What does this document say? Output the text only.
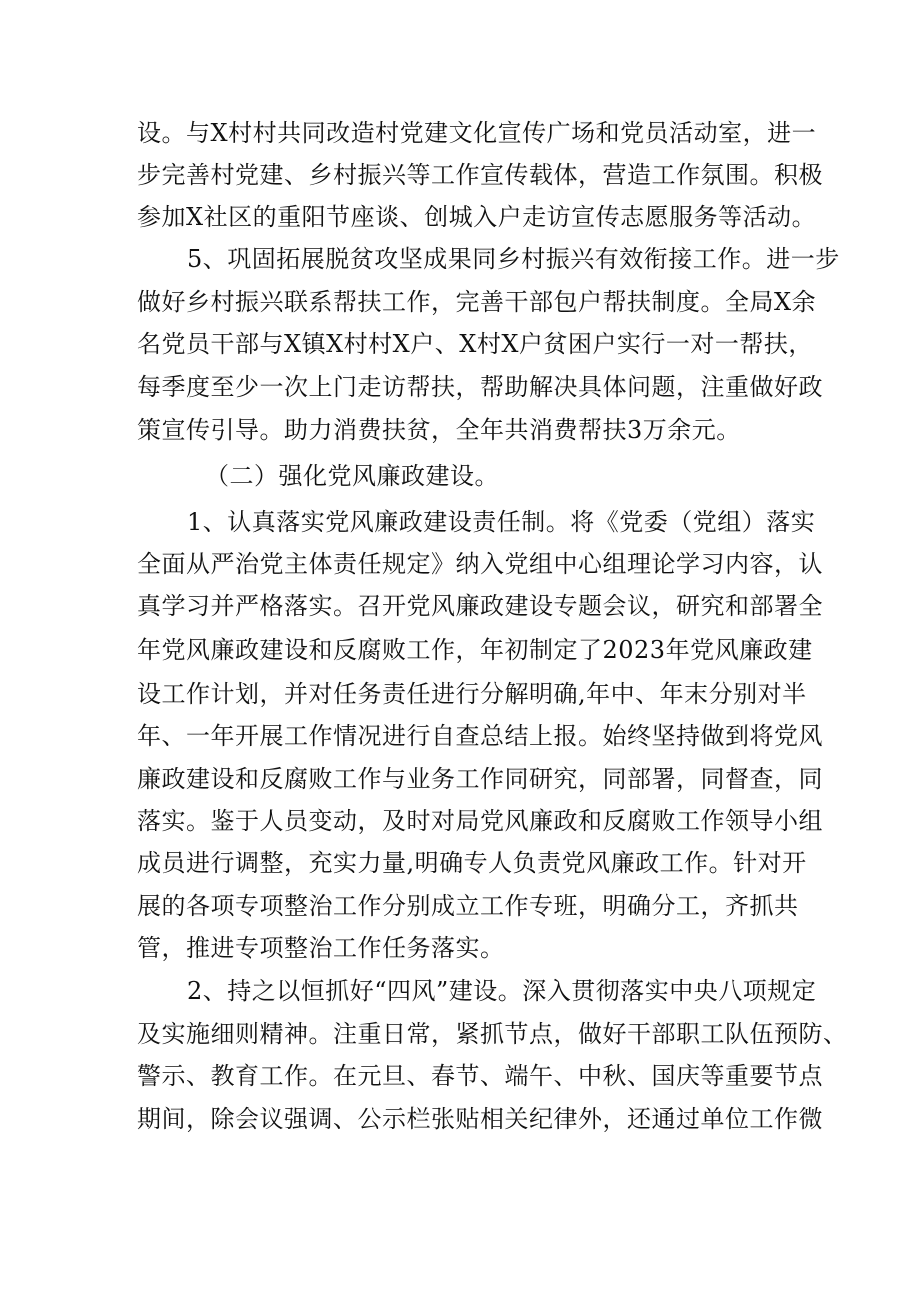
设。与X村村共同改造村党建文化宣传广场和党员活动室，进一
步完善村党建、乡村振兴等工作宣传载体，营造工作氛围。积极
参加X社区的重阳节座谈、创城入户走访宣传志愿服务等活动。
5、巩固拓展脱贫攻坚成果同乡村振兴有效衔接工作。进一步
做好乡村振兴联系帮扶工作，完善干部包户帮扶制度。全局X余
名党员干部与X镇X村村X户、X村X户贫困户实行一对一帮扶，
每季度至少一次上门走访帮扶，帮助解决具体问题，注重做好政
策宣传引导。助力消费扶贫，全年共消费帮扶3万余元。
（二）强化党风廉政建设。
1、认真落实党风廉政建设责任制。将《党委（党组）落实
全面从严治党主体责任规定》纳入党组中心组理论学习内容，认
真学习并严格落实。召开党风廉政建设专题会议，研究和部署全
年党风廉政建设和反腐败工作，年初制定了2023年党风廉政建
设工作计划，并对任务责任进行分解明确,年中、年末分别对半
年、一年开展工作情况进行自查总结上报。始终坚持做到将党风
廉政建设和反腐败工作与业务工作同研究，同部署，同督查，同
落实。鉴于人员变动，及时对局党风廉政和反腐败工作领导小组
成员进行调整，充实力量,明确专人负责党风廉政工作。针对开
展的各项专项整治工作分别成立工作专班，明确分工，齐抓共
管，推进专项整治工作任务落实。
2、持之以恒抓好“四风”建设。深入贯彻落实中央八项规定
及实施细则精神。注重日常，紧抓节点，做好干部职工队伍预防、
警示、教育工作。在元旦、春节、端午、中秋、国庆等重要节点
期间，除会议强调、公示栏张贴相关纪律外，还通过单位工作微
